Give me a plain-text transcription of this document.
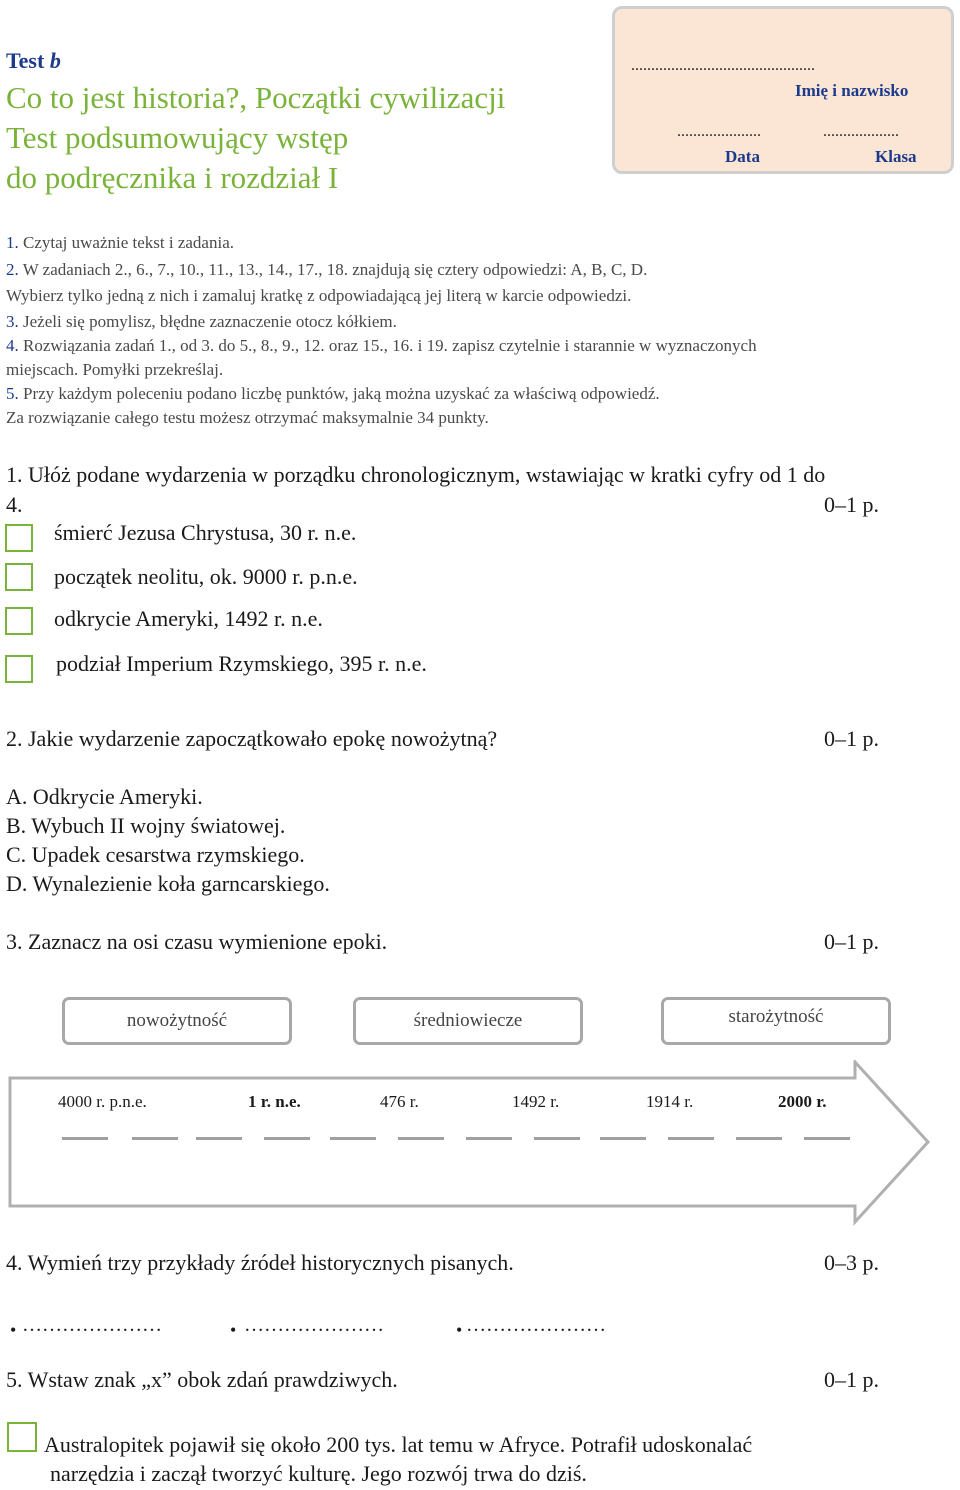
Test b
Co to jest historia?, Początki cywilizacji
Test podsumowujący wstęp
do podręcznika i rozdział I
..............................................
Imię i nazwisko
.....................	...................
Data	Klasa
1. Czytaj uważnie tekst i zadania.
2. W zadaniach 2., 6., 7., 10., 11., 13., 14., 17., 18. znajdują się cztery odpowiedzi: A, B, C, D.
Wybierz tylko jedną z nich i zamaluj kratkę z odpowiadającą jej literą w karcie odpowiedzi.
3. Jeżeli się pomylisz, błędne zaznaczenie otocz kółkiem.
4. Rozwiązania zadań 1., od 3. do 5., 8., 9., 12. oraz 15., 16. i 19. zapisz czytelnie i starannie w wyznaczonych
miejscach. Pomyłki przekreślaj.
5. Przy każdym poleceniu podano liczbę punktów, jaką można uzyskać za właściwą odpowiedź.
Za rozwiązanie całego testu możesz otrzymać maksymalnie 34 punkty.
1. Ułóż podane wydarzenia w porządku chronologicznym, wstawiając w kratki cyfry od 1 do
4.	0–1 p.
śmierć Jezusa Chrystusa, 30 r. n.e.
początek neolitu, ok. 9000 r. p.n.e.
odkrycie Ameryki, 1492 r. n.e.
podział Imperium Rzymskiego, 395 r. n.e.
2. Jakie wydarzenie zapoczątkowało epokę nowożytną?	0–1 p.
A. Odkrycie Ameryki.
B. Wybuch II wojny światowej.
C. Upadek cesarstwa rzymskiego.
D. Wynalezienie koła garncarskiego.
3. Zaznacz na osi czasu wymienione epoki.	0–1 p.
nowożytność	średniowiecze	starożytność
4000 r. p.n.e.	1 r. n.e.	476 r.	1492 r.	1914 r.	2000 r.
4. Wymień trzy przykłady źródeł historycznych pisanych.	0–3 p.
• …………………	• …………………	• …………………
5. Wstaw znak „x” obok zdań prawdziwych.	0–1 p.
Australopitek pojawił się około 200 tys. lat temu w Afryce. Potrafił udoskonalać
narzędzia i zaczął tworzyć kulturę. Jego rozwój trwa do dziś.
